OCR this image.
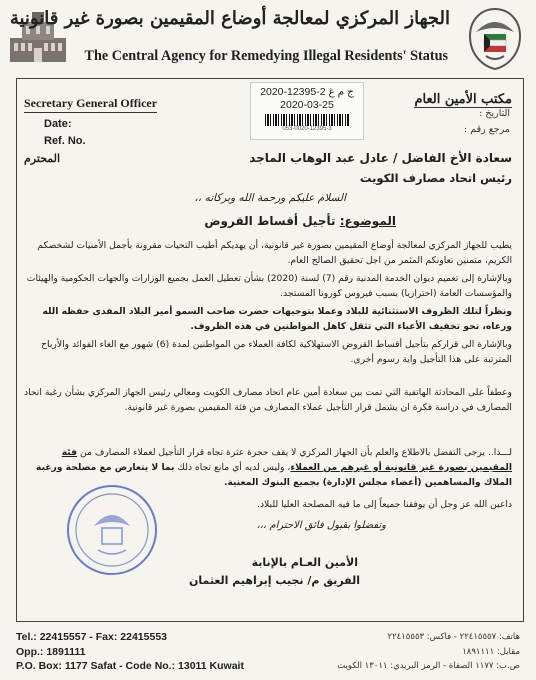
الجهاز المركزي لمعالجة أوضاع المقيمين بصورة غير قانونية
The Central Agency for Remedying Illegal Residents' Status
Secretary General Officer	مكتب الأمين العام
Date:
Ref. No.
التاريخ :
مرجع رقم :
ج م غ 2-12395-2020
2020-03-25
053-0020-12395-3
المحترم	سعادة الأخ الفاضل / عادل عبد الوهاب الماجد
رئيس اتحاد مصارف الكويت
السلام عليكم ورحمة الله وبركاته ،،
الموضوع: تأجيل أقساط القروض
يطيب للجهاز المركزي لمعالجة أوضاع المقيمين بصورة غير قانونية، أن يهديكم أطيب التحيات مقرونة بأجمل الأمنيات لشخصكم الكريم، متمنين تعاونكم المثمر من اجل تحقيق الصالح العام.
وبالإشارة إلى تعميم ديوان الخدمة المدنية رقم (7) لسنة (2020) بشأن تعطيل العمل بجميع الوزارات والجهات الحكومية والهيئات والمؤسسات العامة (احترازيا) بسبب فيروس كورونا المستجد.
ونظراً لتلك الظروف الاستثنائية للبلاد وعملا بتوجيهات حضرت صاحب السمو أمير البلاد المفدى حفظه الله ورعاه، نحو تخفيف الأعباء التي تثقل كاهل المواطنين في هذه الظروف.
وبالإشارة الى قراركم بتأجيل أقساط القروض الاستهلاكية لكافة العملاء من المواطنين لمدة (6) شهور مع الغاء الفوائد والأرباح المترتبة على هذا التأجيل واية رسوم أخرى.
وعطفاً على المحادثة الهاتفية التي تمت بين سعادة أمين عام اتحاد مصارف الكويت ومعالي رئيس الجهاز المركزي بشأن رغبة اتحاد المصارف في دراسة فكرة ان يشمل قرار التأجيل عملاء المصارف من فئة المقيمين بصورة غير قانونية.
لـــذا.. يرجى التفضل بالاطلاع والعلم بأن الجهاز المركزي لا يقف حجرة عثرة تجاه قرار التأجيل لعملاء المصارف من فئة المقيمين بصورة غير قانونية أو غيرهم من العملاء، وليس لديه أي مانع تجاه ذلك بما لا يتعارض مع مصلحة ورغبة الملاك والمساهمين (أعضاء مجلس الإدارة) بجميع البنوك المعنية.
داعين الله عز وجل أن يوفقنا جميعاً إلى ما فيه المصلحة العليا للبلاد.
وتفضلوا بقبول فائق الاحترام ،،،
الأمين العـام بالإنابة
الفريق م/ نجيب إبراهيم العثمان
Tel.: 22415557 - Fax: 22415553
Opp.: 1891111
P.O. Box: 1177 Safat - Code No.: 13011 Kuwait
هاتف: ٢٢٤١٥٥٥٧ - فاكس: ٢٢٤١٥٥٥٣
مقابل: ١٨٩١١١١
ص.ب: ١١٧٧ الصفاة - الرمز البريدي: ١٣٠١١ الكويت
